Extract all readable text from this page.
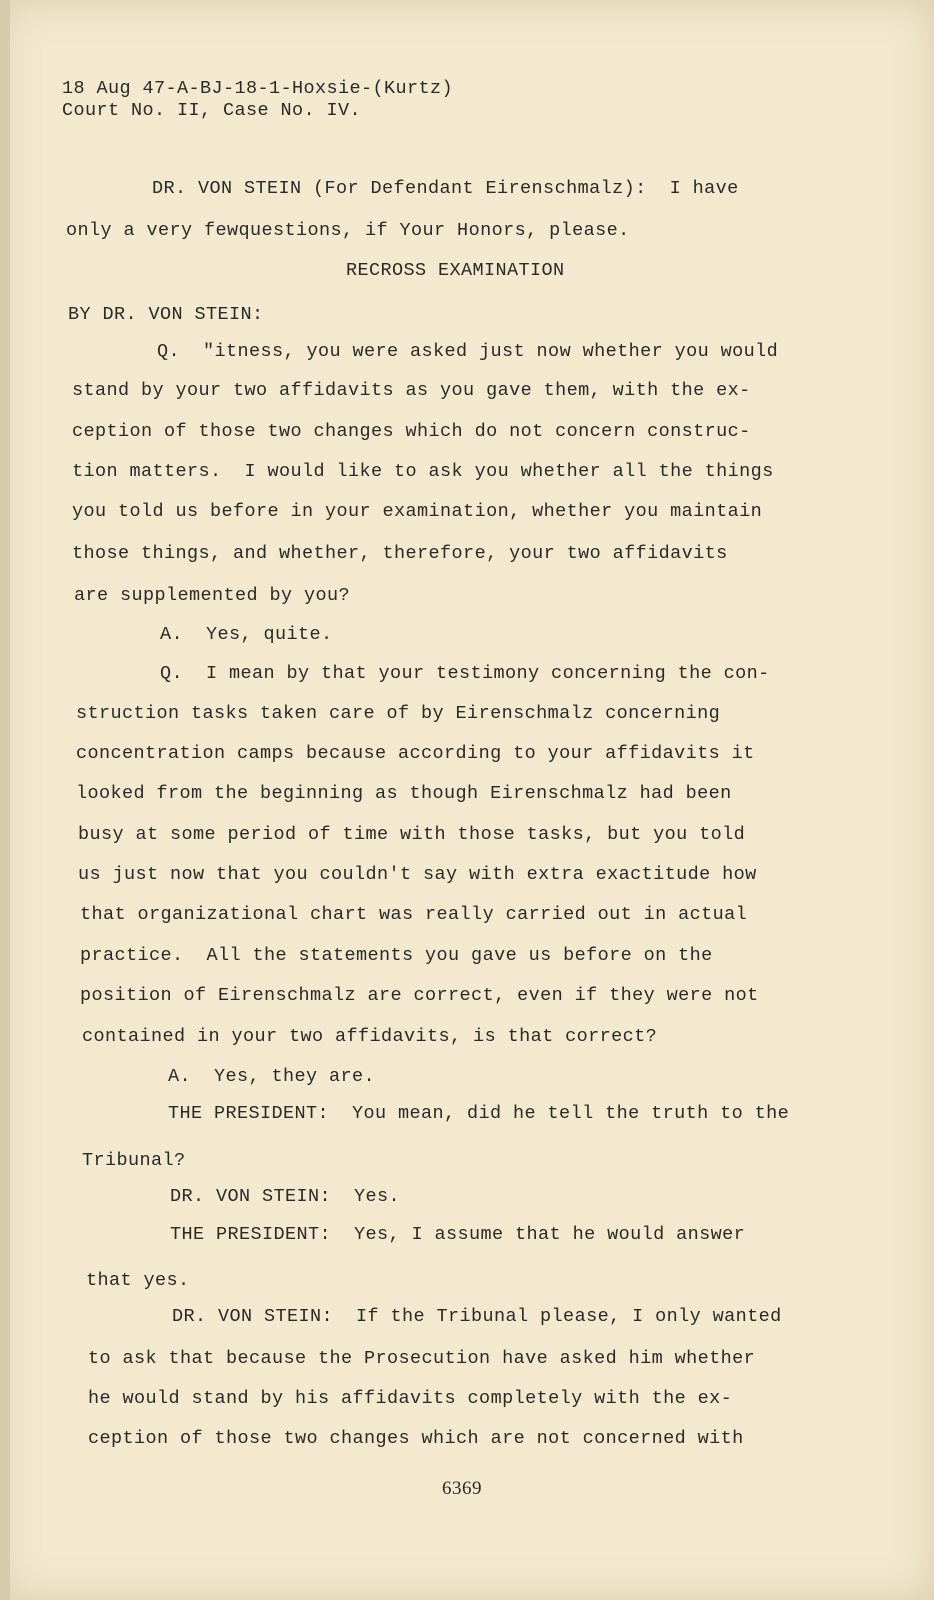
18 Aug 47-A-BJ-18-1-Hoxsie-(Kurtz)
Court No. II, Case No. IV.
DR. VON STEIN (For Defendant Eirenschmalz):  I have
only a very fewquestions, if Your Honors, please.
RECROSS EXAMINATION
BY DR. VON STEIN:
Q.  "itness, you were asked just now whether you would
stand by your two affidavits as you gave them, with the ex-
ception of those two changes which do not concern construc-
tion matters.  I would like to ask you whether all the things
you told us before in your examination, whether you maintain
those things, and whether, therefore, your two affidavits
are supplemented by you?
A.  Yes, quite.
Q.  I mean by that your testimony concerning the con-
struction tasks taken care of by Eirenschmalz concerning
concentration camps because according to your affidavits it
looked from the beginning as though Eirenschmalz had been
busy at some period of time with those tasks, but you told
us just now that you couldn't say with extra exactitude how
that organizational chart was really carried out in actual
practice.  All the statements you gave us before on the
position of Eirenschmalz are correct, even if they were not
contained in your two affidavits, is that correct?
A.  Yes, they are.
THE PRESIDENT:  You mean, did he tell the truth to the
Tribunal?
DR. VON STEIN:  Yes.
THE PRESIDENT:  Yes, I assume that he would answer
that yes.
DR. VON STEIN:  If the Tribunal please, I only wanted
to ask that because the Prosecution have asked him whether
he would stand by his affidavits completely with the ex-
ception of those two changes which are not concerned with
6369
